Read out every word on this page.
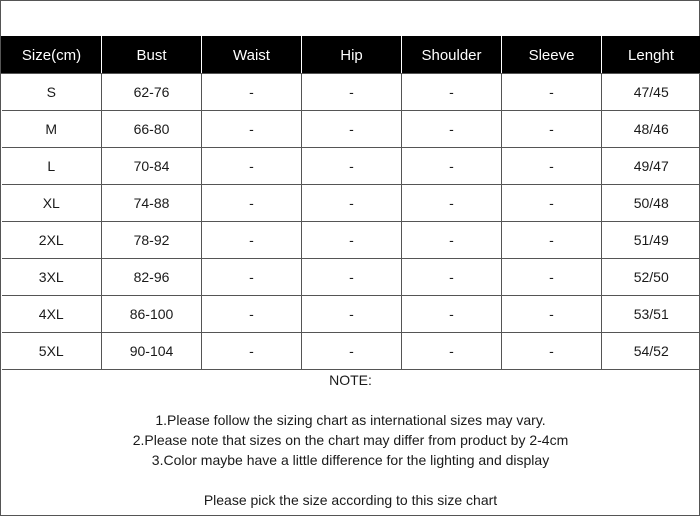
Size(cm)	Bust	Waist	Hip	Shoulder	Sleeve	Lenght
S	62-76	-	-	-	-	47/45
M	66-80	-	-	-	-	48/46
L	70-84	-	-	-	-	49/47
XL	74-88	-	-	-	-	50/48
2XL	78-92	-	-	-	-	51/49
3XL	82-96	-	-	-	-	52/50
4XL	86-100	-	-	-	-	53/51
5XL	90-104	-	-	-	-	54/52

NOTE:

1.Please follow the sizing chart as international sizes may vary.

2.Please note that sizes on the chart may differ from product by 2-4cm

3.Color maybe have a little difference for the lighting and display

Please pick the size according to this size chart
